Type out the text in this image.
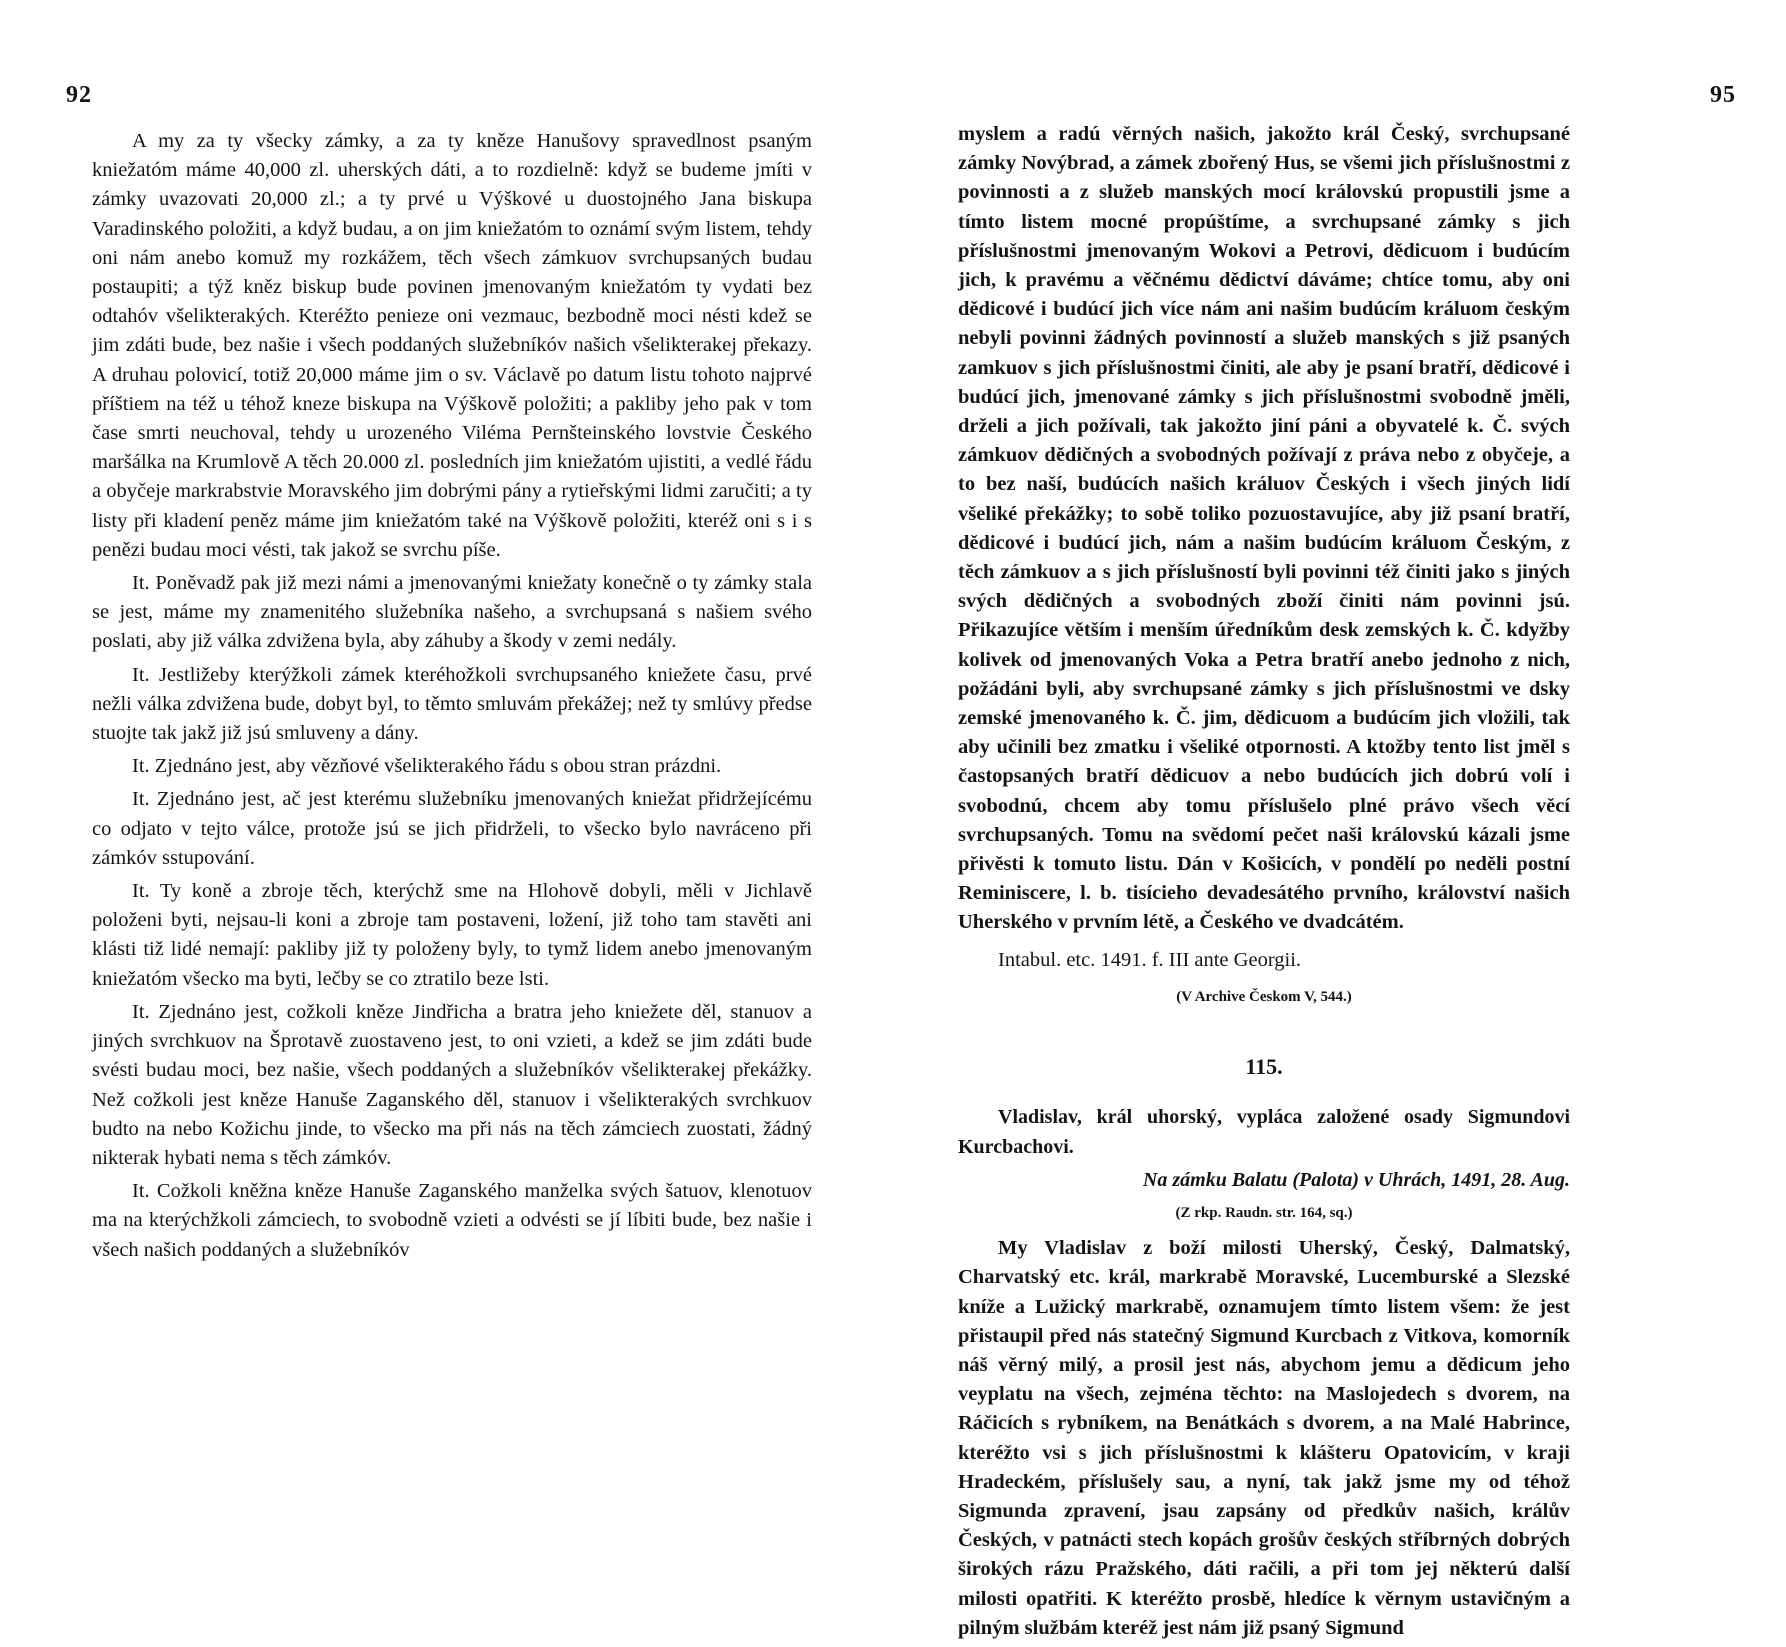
92

A my za ty všecky zámky, a za ty kněze Hanušovy spravedlnost psaným kniežatóm máme 40,000 zl. uherských dáti, a to rozdielně: když se budeme jmíti v zámky uvazovati 20,000 zl.; a ty prvé u Výškové u duostojného Jana biskupa Varadinského položiti, a když budau, a on jim kniežatóm to oznámí svým listem, tehdy oni nám anebo komuž my rozkážem, těch všech zámkuov svrchupsaných budau postaupiti; a týž kněz biskup bude povinen jmenovaným kniežatóm ty vydati bez odtahóv všelikterakých. Kteréžto penieze oni vezmauc, bezbodně moci nésti kdež se jim zdáti bude, bez našie i všech poddaných služebníkóv našich všelikterakej překazy. A druhau polovicí, totiž 20,000 máme jim o sv. Václavě po datum listu tohoto najprvé příštiem na též u téhož kneze biskupa na Výškově položiti; a pakliby jeho pak v tom čase smrti neuchoval, tehdy u urozeného Viléma Pernšteinského lovstvie Českého maršálka na Krumlově A těch 20.000 zl. posledních jim kniežatóm ujistiti, a vedlé řádu a obyčeje markrabstvie Moravského jim dobrými pány a rytieřskými lidmi zaručiti; a ty listy při kladení peněz máme jim kniežatóm také na Výškově položiti, kteréž oni s i s penězi budau moci vésti, tak jakož se svrchu píše.

It. Poněvadž pak již mezi námi a jmenovanými kniežaty konečně o ty zámky stala se jest, máme my znamenitého služebníka našeho, a svrchupsaná s našiem svého poslati, aby již válka zdvižena byla, aby záhuby a škody v zemi nedály.

It. Jestližeby kterýžkoli zámek kteréhožkoli svrchupsaného kniežete času, prvé nežli válka zdvižena bude, dobyt byl, to těmto smluvám překážej; než ty smlúvy předse stuojte tak jakž již jsú smluveny a dány.

It. Zjednáno jest, aby vězňové všelikterakého řádu s obou stran prázdni.

It. Zjednáno jest, ač jest kterému služebníku jmenovaných kniežat přidržejícému co odjato v tejto válce, protože jsú se jich přidrželi, to všecko bylo navráceno při zámkóv sstupování.

It. Ty koně a zbroje těch, kterýchž sme na Hlohově dobyli, měli v Jichlavě položeni byti, nejsau-li koni a zbroje tam postaveni, ložení, již toho tam stavěti ani klásti tiž lidé nemají: pakliby již ty položeny byly, to tymž lidem anebo jmenovaným kniežatóm všecko ma byti, lečby se co ztratilo beze lsti.

It. Zjednáno jest, cožkoli kněze Jindřicha a bratra jeho kniežete děl, stanuov a jiných svrchkuov na Šprotavě zuostaveno jest, to oni vzieti, a kdež se jim zdáti bude svésti budau moci, bez našie, všech poddaných a služebníkóv všelikterakej překážky. Než cožkoli jest kněze Hanuše Zaganského děl, stanuov i všelikterakých svrchkuov budto na nebo Kožichu jinde, to všecko ma při nás na těch zámciech zuostati, žádný nikterak hybati nema s těch zámkóv.

It. Cožkoli kněžna kněze Hanuše Zaganského manželka svých šatuov, klenotuov ma na kterýchžkoli zámciech, to svobodně vzieti a odvésti se jí líbiti bude, bez našie i všech našich poddaných a služebníkóv

95

myslem a radú věrných našich, jakožto král Český, svrchupsané zámky Novýbrad, a zámek zbořený Hus, se všemi jich příslušnostmi z povinnosti a z služeb manských mocí královskú propustili jsme a tímto listem mocné propúštíme, a svrchupsané zámky s jich příslušnostmi jmenovaným Wokovi a Petrovi, dědicuom i budúcím jich, k pravému a věčnému dědictví dáváme; chtíce tomu, aby oni dědicové i budúcí jich více nám ani našim budúcím králuom českým nebyli povinni žádných povinností a služeb manských s již psaných zamkuov s jich příslušnostmi činiti, ale aby je psaní bratří, dědicové i budúcí jich, jmenované zámky s jich příslušnostmi svobodně jměli, drželi a jich požívali, tak jakožto jiní páni a obyvatelé k. Č. svých zámkuov dědičných a svobodných požívají z práva nebo z obyčeje, a to bez naší, budúcích našich králuov Českých i všech jiných lidí všeliké překážky; to sobě toliko pozuostavujíce, aby již psaní bratří, dědicové i budúcí jich, nám a našim budúcím králuom Českým, z těch zámkuov a s jich příslušností byli povinni též činiti jako s jiných svých dědičných a svobodných zboží činiti nám povinni jsú. Přikazujíce větším i menším úředníkům desk zemských k. Č. kdyžby kolivek od jmenovaných Voka a Petra bratří anebo jednoho z nich, požádáni byli, aby svrchupsané zámky s jich příslušnostmi ve dsky zemské jmenovaného k. Č. jim, dědicuom a budúcím jich vložili, tak aby učinili bez zmatku i všeliké otpornosti. A ktožby tento list jměl s častopsaných bratří dědicuov a nebo budúcích jich dobrú volí i svobodnú, chcem aby tomu příslušelo plné právo všech věcí svrchupsaných. Tomu na svědomí pečet naši královskú kázali jsme přivěsti k tomuto listu. Dán v Košicích, v pondělí po neděli postní Reminiscere, l. b. tisícieho devadesátého prvního, království našich Uherského v prvním létě, a Českého ve dvadcátém.

Intabul. etc. 1491. f. III ante Georgii.
(V Archive Českom V, 544.)
115.
Vladislav, král uhorský, vypláca založené osady Sigmundovi Kurcbachovi.
Na zámku Balatu (Palota) v Uhrách, 1491, 28. Aug.
(Z rkp. Raudn. str. 164, sq.)

My Vladislav z boží milosti Uherský, Český, Dalmatský, Charvatský etc. král, markrabě Moravské, Lucemburské a Slezské kníže a Lužický markrabě, oznamujem tímto listem všem: že jest přistaupil před nás statečný Sigmund Kurcbach z Vitkova, komorník náš věrný milý, a prosil jest nás, abychom jemu a dědicum jeho veyplatu na všech, zejména těchto: na Maslojedech s dvorem, na Ráčicích s rybníkem, na Benátkách s dvorem, a na Malé Habrince, kteréžto vsi s jich příslušnostmi k klášteru Opatovicím, v kraji Hradeckém, příslušely sau, a nyní, tak jakž jsme my od téhož Sigmunda zpravení, jsau zapsány od předkův našich, králův Českých, v patnácti stech kopách grošův českých stříbrných dobrých širokých rázu Pražského, dáti račili, a při tom jej některú další milosti opatřiti. K kteréžto prosbě, hledíce k věrnym ustavičným a pilným službám kteréž jest nám již psaný Sigmund
